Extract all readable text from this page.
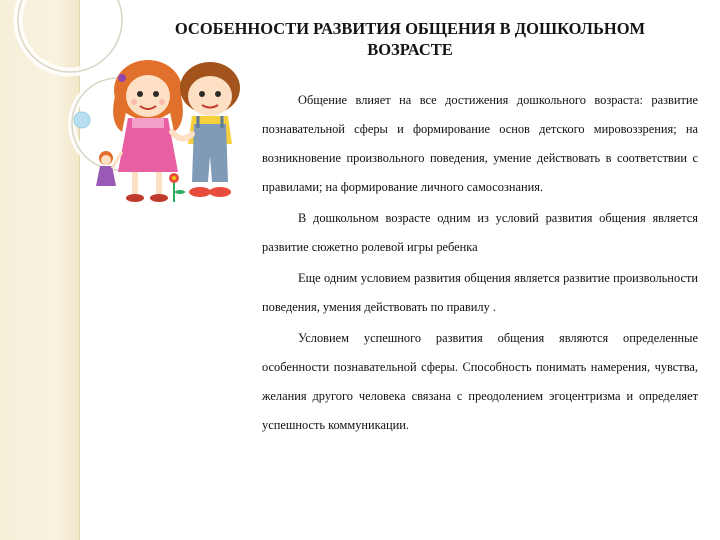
ОСОБЕННОСТИ РАЗВИТИЯ ОБЩЕНИЯ В ДОШКОЛЬНОМ ВОЗРАСТЕ

Общение влияет на все достижения дошкольного возраста: развитие познавательной сферы и формирование основ детского мировоззрения; на возникновение произвольного поведения, умение действовать в соответствии с правилами; на формирование личного самосознания.

В дошкольном возрасте одним из условий развития общения является развитие сюжетно ролевой игры ребенка

Еще одним условием развития общения является развитие произвольности поведения, умения действовать по правилу .

Условием успешного развития общения являются определенные особенности познавательной сферы. Способность понимать намерения, чувства, желания другого человека связана с преодолением эгоцентризма и определяет успешность коммуникации.
